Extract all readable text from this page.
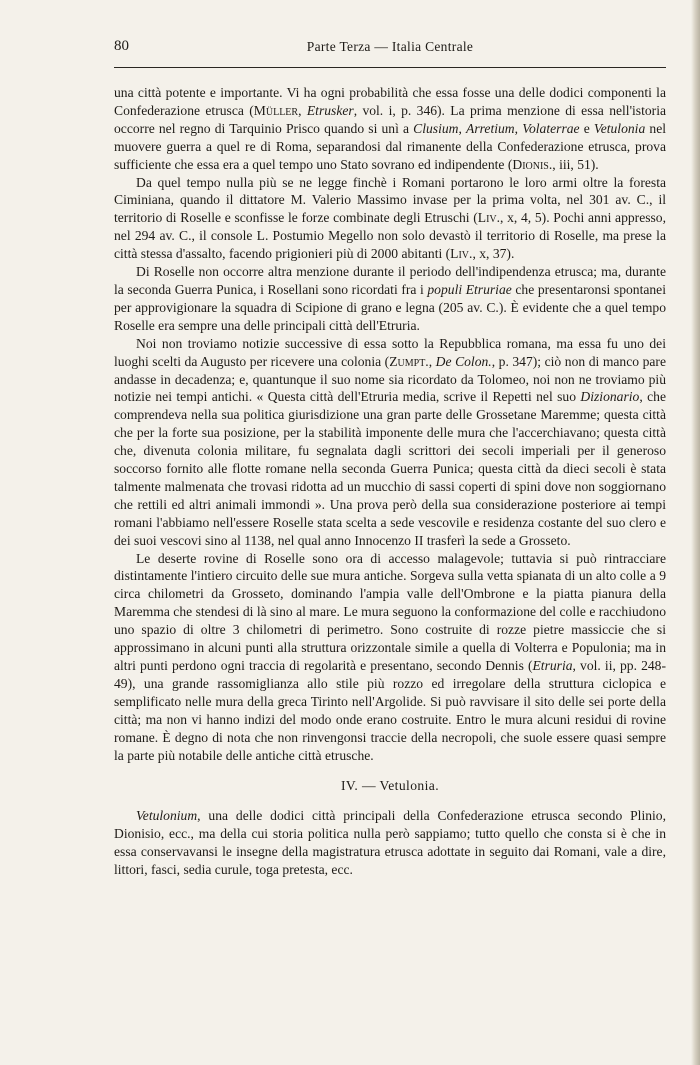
80	Parte Terza — Italia Centrale

una città potente e importante. Vi ha ogni probabilità che essa fosse una delle dodici componenti la Confederazione etrusca (Müller, Etrusker, vol. i, p. 346). La prima menzione di essa nell'istoria occorre nel regno di Tarquinio Prisco quando si unì a Clusium, Arretium, Volaterrae e Vetulonia nel muovere guerra a quel re di Roma, separandosi dal rimanente della Confederazione etrusca, prova sufficiente che essa era a quel tempo uno Stato sovrano ed indipendente (Dionis., iii, 51).

Da quel tempo nulla più se ne legge finchè i Romani portarono le loro armi oltre la foresta Ciminiana, quando il dittatore M. Valerio Massimo invase per la prima volta, nel 301 av. C., il territorio di Roselle e sconfisse le forze combinate degli Etruschi (Liv., x, 4, 5). Pochi anni appresso, nel 294 av. C., il console L. Postumio Megello non solo devastò il territorio di Roselle, ma prese la città stessa d'assalto, facendo prigionieri più di 2000 abitanti (Liv., x, 37).

Di Roselle non occorre altra menzione durante il periodo dell'indipendenza etrusca; ma, durante la seconda Guerra Punica, i Rosellani sono ricordati fra i populi Etruriae che presentaronsi spontanei per approvigionare la squadra di Scipione di grano e legna (205 av. C.). È evidente che a quel tempo Roselle era sempre una delle principali città dell'Etruria.

Noi non troviamo notizie successive di essa sotto la Repubblica romana, ma essa fu uno dei luoghi scelti da Augusto per ricevere una colonia (Zumpt., De Colon., p. 347); ciò non di manco pare andasse in decadenza; e, quantunque il suo nome sia ricordato da Tolomeo, noi non ne troviamo più notizie nei tempi antichi. « Questa città dell'Etruria media, scrive il Repetti nel suo Dizionario, che comprendeva nella sua politica giurisdizione una gran parte delle Grossetane Maremme; questa città che per la forte sua posizione, per la stabilità imponente delle mura che l'accerchiavano; questa città che, divenuta colonia militare, fu segnalata dagli scrittori dei secoli imperiali per il generoso soccorso fornito alle flotte romane nella seconda Guerra Punica; questa città da dieci secoli è stata talmente malmenata che trovasi ridotta ad un mucchio di sassi coperti di spini dove non soggiornano che rettili ed altri animali immondi ». Una prova però della sua considerazione posteriore ai tempi romani l'abbiamo nell'essere Roselle stata scelta a sede vescovile e residenza costante del suo clero e dei suoi vescovi sino al 1138, nel qual anno Innocenzo II trasferì la sede a Grosseto.

Le deserte rovine di Roselle sono ora di accesso malagevole; tuttavia si può rintracciare distintamente l'intiero circuito delle sue mura antiche. Sorgeva sulla vetta spianata di un alto colle a 9 circa chilometri da Grosseto, dominando l'ampia valle dell'Ombrone e la piatta pianura della Maremma che stendesi di là sino al mare. Le mura seguono la conformazione del colle e racchiudono uno spazio di oltre 3 chilometri di perimetro. Sono costruite di rozze pietre massiccie che si approssimano in alcuni punti alla struttura orizzontale simile a quella di Volterra e Populonia; ma in altri punti perdono ogni traccia di regolarità e presentano, secondo Dennis (Etruria, vol. ii, pp. 248-49), una grande rassomiglianza allo stile più rozzo ed irregolare della struttura ciclopica e semplificato nelle mura della greca Tirinto nell'Argolide. Si può ravvisare il sito delle sei porte della città; ma non vi hanno indizi del modo onde erano costruite. Entro le mura alcuni residui di rovine romane. È degno di nota che non rinvengonsi traccie della necropoli, che suole essere quasi sempre la parte più notabile delle antiche città etrusche.

IV. — Vetulonia.

Vetulonium, una delle dodici città principali della Confederazione etrusca secondo Plinio, Dionisio, ecc., ma della cui storia politica nulla però sappiamo; tutto quello che consta si è che in essa conservavansi le insegne della magistratura etrusca adottate in seguito dai Romani, vale a dire, littori, fasci, sedia curule, toga pretesta, ecc.
